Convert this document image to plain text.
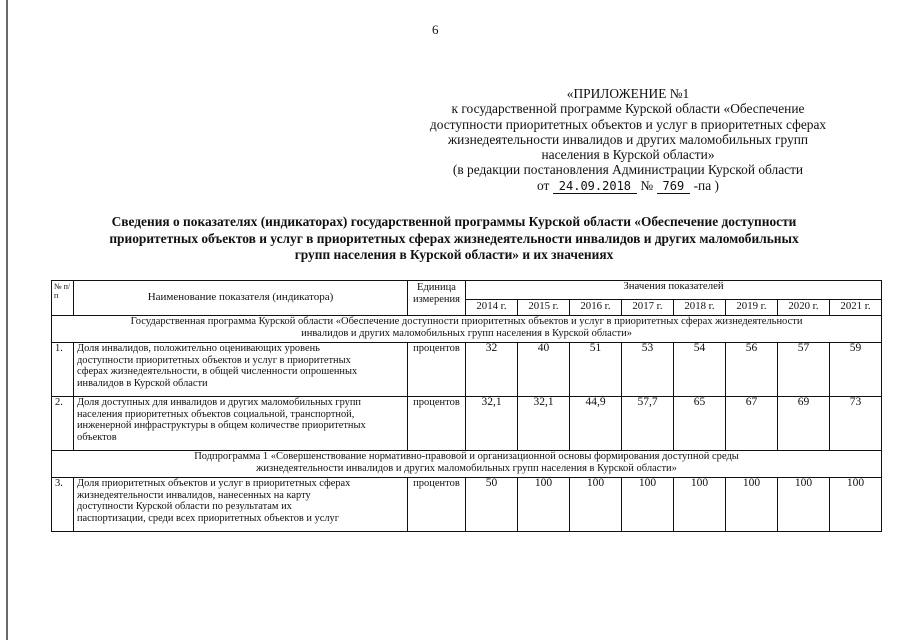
6
«ПРИЛОЖЕНИЕ №1
к государственной программе Курской области «Обеспечение
доступности приоритетных объектов и услуг в приоритетных сферах
жизнедеятельности инвалидов и других маломобильных групп
населения в Курской области»
(в редакции постановления Администрации Курской области
от 24.09.2018 № 769 -па )
Сведения о показателях (индикаторах) государственной программы Курской области «Обеспечение доступности
приоритетных объектов и услуг в приоритетных сферах жизнедеятельности инвалидов и других маломобильных
групп населения в Курской области» и их значениях
№ п/п	Наименование показателя (индикатора)	Единица измерения	Значения показателей							
			2014 г.	2015 г.	2016 г.	2017 г.	2018 г.	2019 г.	2020 г.	2021 г.

Государственная программа Курской области «Обеспечение доступности приоритетных объектов и услуг в приоритетных сферах жизнедеятельности
инвалидов и других маломобильных групп населения в Курской области»										

1.	Доля инвалидов, положительно оценивающих уровень
доступности приоритетных объектов и услуг в приоритетных
сферах жизнедеятельности, в общей численности опрошенных
инвалидов в Курской области	процентов	32	40	51	53	54	56	57	59
2.	Доля доступных для инвалидов и других маломобильных групп
населения приоритетных объектов социальной, транспортной,
инженерной инфраструктуры в общем количестве приоритетных
объектов	процентов	32,1	32,1	44,9	57,7	65	67	69	73

Подпрограмма 1 «Совершенствование нормативно-правовой и организационной основы формирования доступной среды
жизнедеятельности инвалидов и других маломобильных групп населения в Курской области»										

3.	Доля приоритетных объектов и услуг в приоритетных сферах
жизнедеятельности инвалидов, нанесенных на карту
доступности Курской области по результатам их
паспортизации, среди всех приоритетных объектов и услуг	процентов	50	100	100	100	100	100	100	100
